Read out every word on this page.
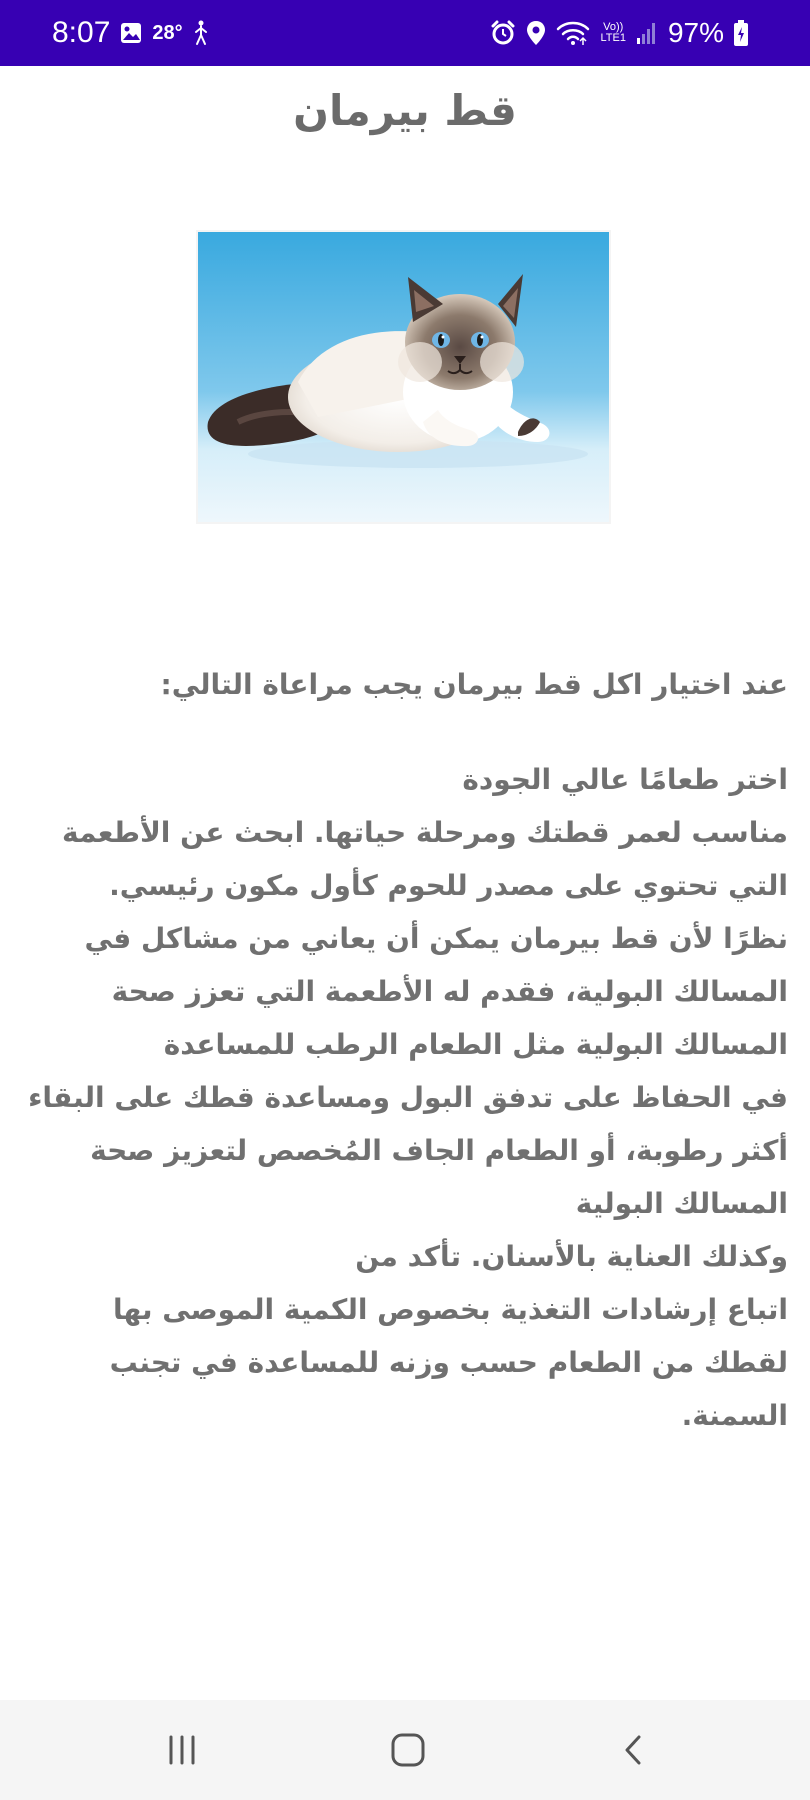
8:07 28°	Vo))
LTE1 97%
قط بيرمان
عند اختيار اكل قط بيرمان يجب مراعاة التالي:
اختر طعامًا عالي الجودة
مناسب لعمر قطتك ومرحلة حياتها. ابحث عن الأطعمة
التي تحتوي على مصدر للحوم كأول مكون رئيسي.
نظرًا لأن قط بيرمان يمكن أن يعاني من مشاكل في
المسالك البولية، فقدم له الأطعمة التي تعزز صحة
المسالك البولية مثل الطعام الرطب للمساعدة
في الحفاظ على تدفق البول ومساعدة قطك على البقاء
أكثر رطوبة، أو الطعام الجاف المُخصص لتعزيز صحة
المسالك البولية
وكذلك العناية بالأسنان. تأكد من
اتباع إرشادات التغذية بخصوص الكمية الموصى بها
لقطك من الطعام حسب وزنه للمساعدة في تجنب
السمنة.
